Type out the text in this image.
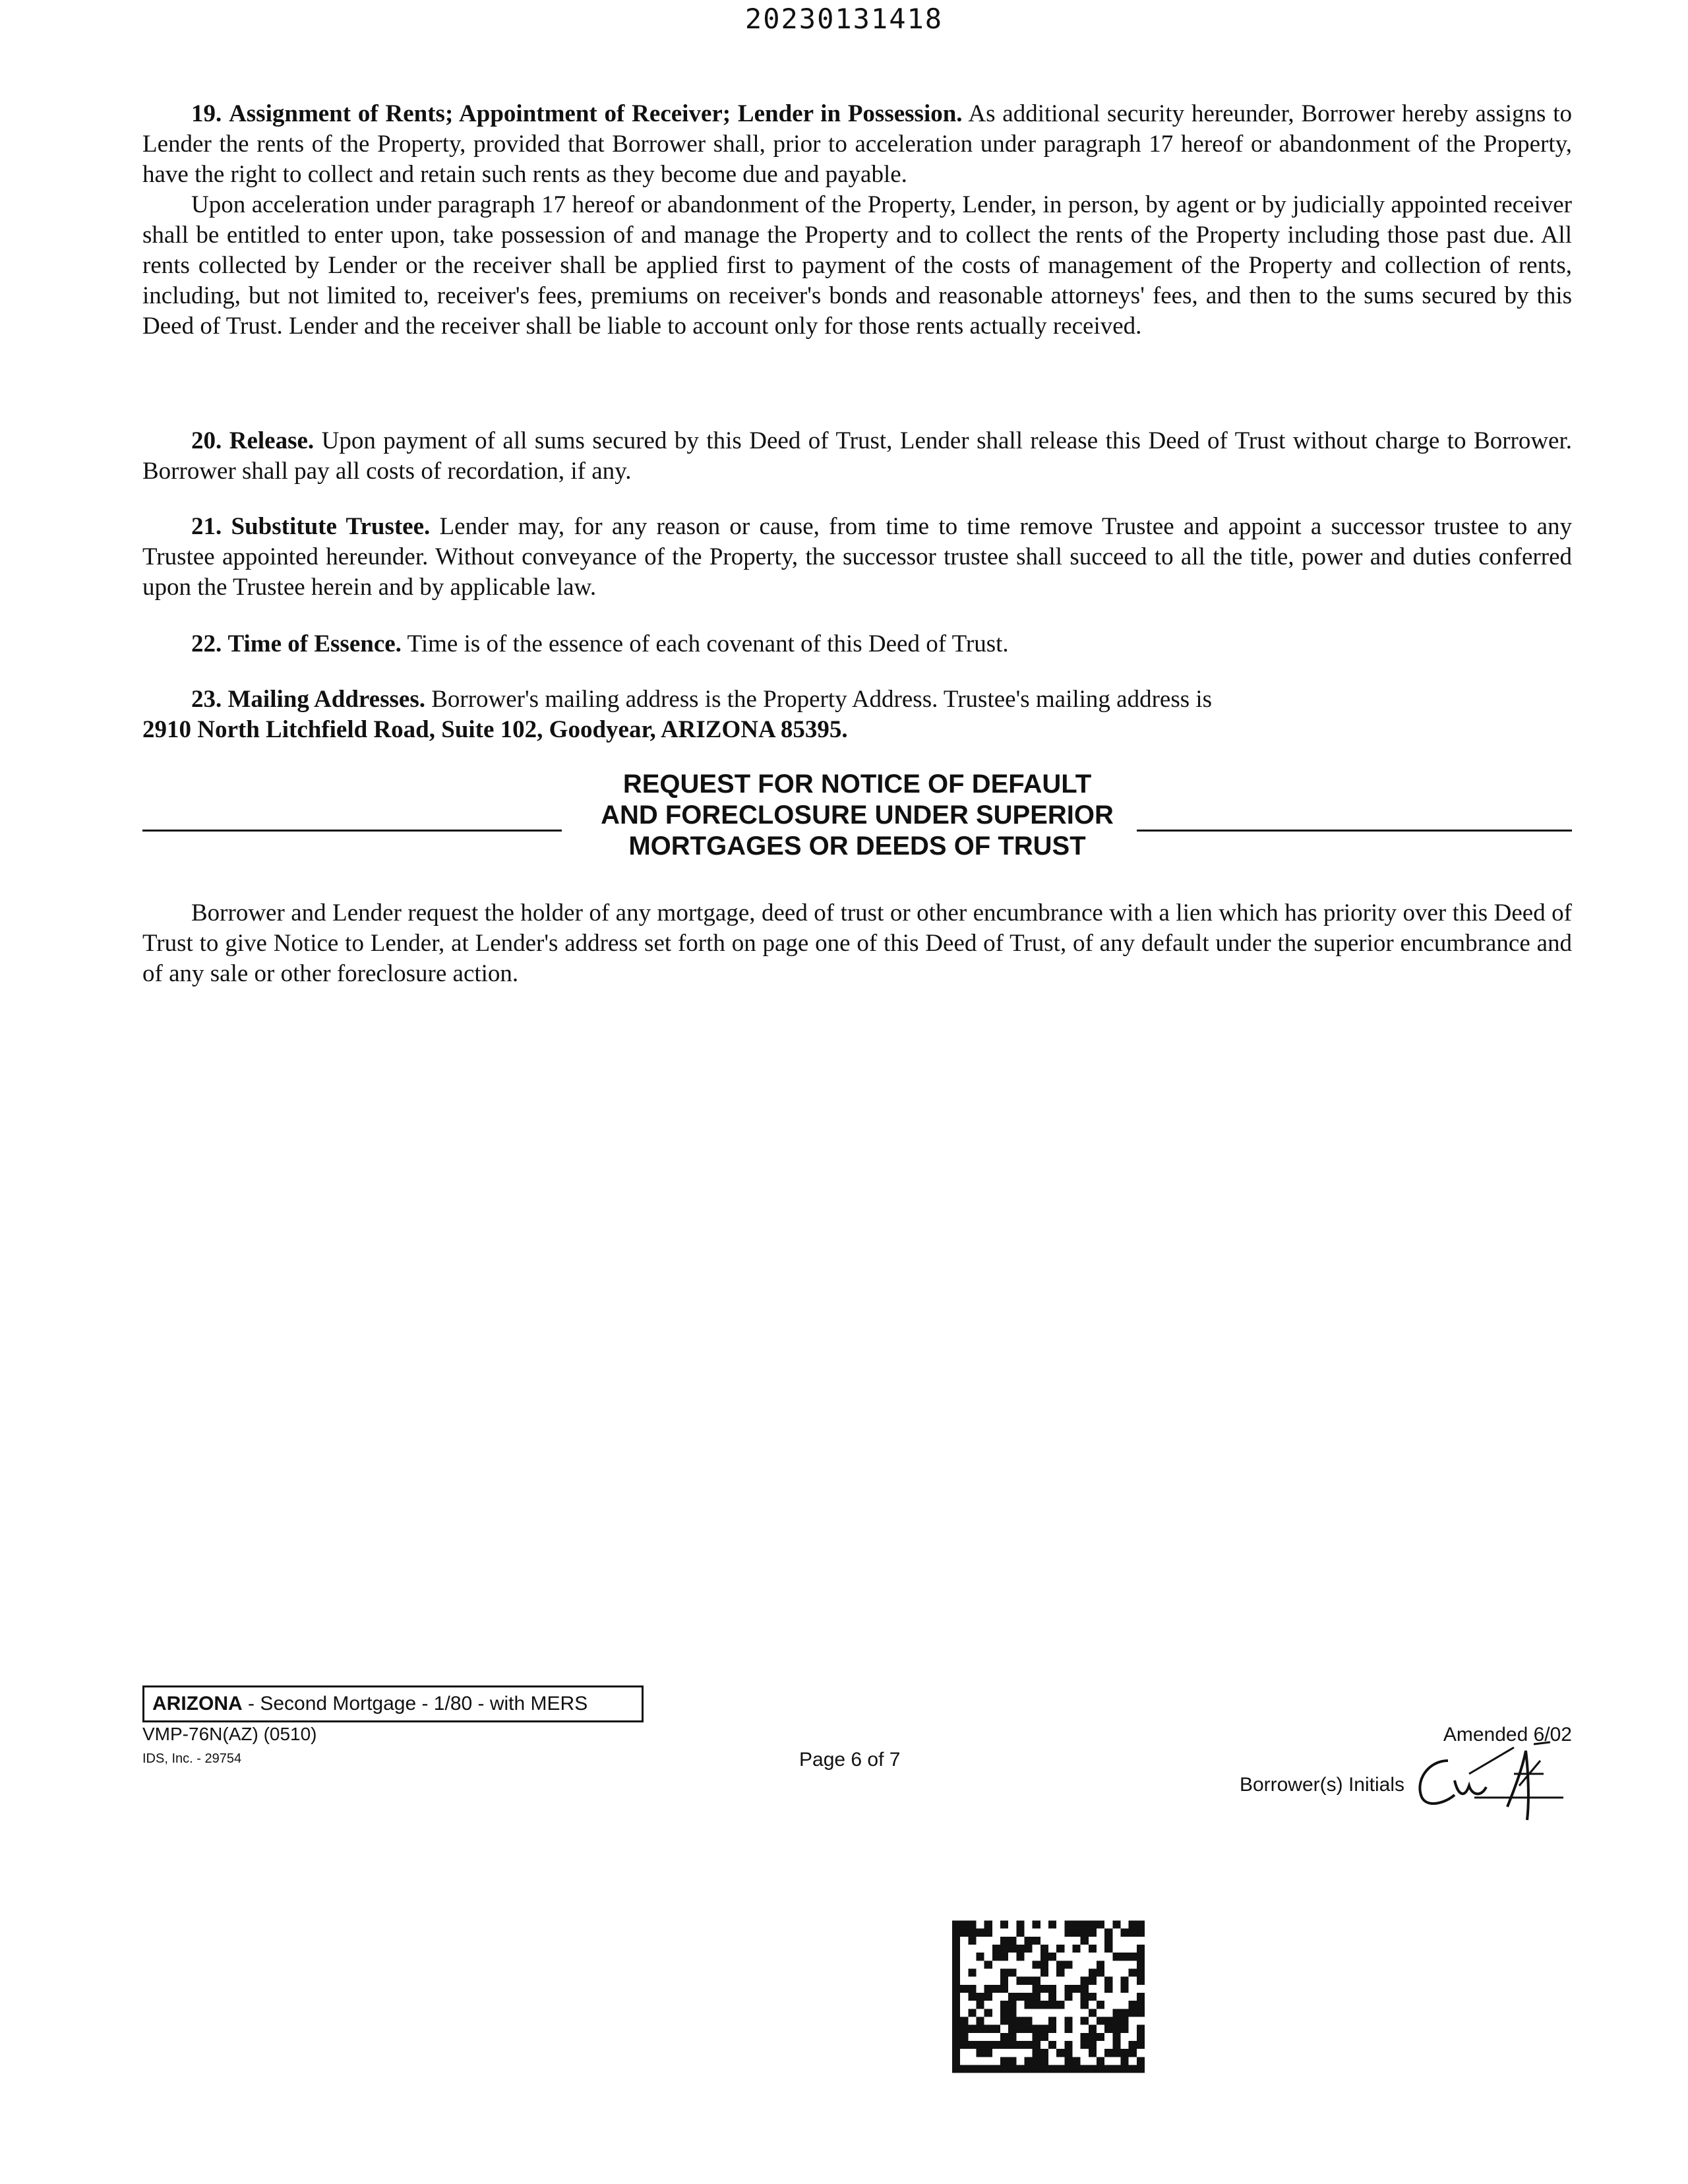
20230131418

19. Assignment of Rents; Appointment of Receiver; Lender in Possession. As additional security hereunder, Borrower hereby assigns to Lender the rents of the Property, provided that Borrower shall, prior to acceleration under paragraph 17 hereof or abandonment of the Property, have the right to collect and retain such rents as they become due and payable.

Upon acceleration under paragraph 17 hereof or abandonment of the Property, Lender, in person, by agent or by judicially appointed receiver shall be entitled to enter upon, take possession of and manage the Property and to collect the rents of the Property including those past due. All rents collected by Lender or the receiver shall be applied first to payment of the costs of management of the Property and collection of rents, including, but not limited to, receiver's fees, premiums on receiver's bonds and reasonable attorneys' fees, and then to the sums secured by this Deed of Trust. Lender and the receiver shall be liable to account only for those rents actually received.

20. Release. Upon payment of all sums secured by this Deed of Trust, Lender shall release this Deed of Trust without charge to Borrower. Borrower shall pay all costs of recordation, if any.

21. Substitute Trustee. Lender may, for any reason or cause, from time to time remove Trustee and appoint a successor trustee to any Trustee appointed hereunder. Without conveyance of the Property, the successor trustee shall succeed to all the title, power and duties conferred upon the Trustee herein and by applicable law.

22. Time of Essence. Time is of the essence of each covenant of this Deed of Trust.

23. Mailing Addresses. Borrower's mailing address is the Property Address. Trustee's mailing address is

2910 North Litchfield Road, Suite 102, Goodyear, ARIZONA 85395.

REQUEST FOR NOTICE OF DEFAULT
AND FORECLOSURE UNDER SUPERIOR
MORTGAGES OR DEEDS OF TRUST

Borrower and Lender request the holder of any mortgage, deed of trust or other encumbrance with a lien which has priority over this Deed of Trust to give Notice to Lender, at Lender's address set forth on page one of this Deed of Trust, of any default under the superior encumbrance and of any sale or other foreclosure action.

ARIZONA - Second Mortgage - 1/80 - with MERS
VMP-76N(AZ) (0510)
IDS, Inc. - 29754	Page 6 of 7
Amended 6/02
Borrower(s) Initials
